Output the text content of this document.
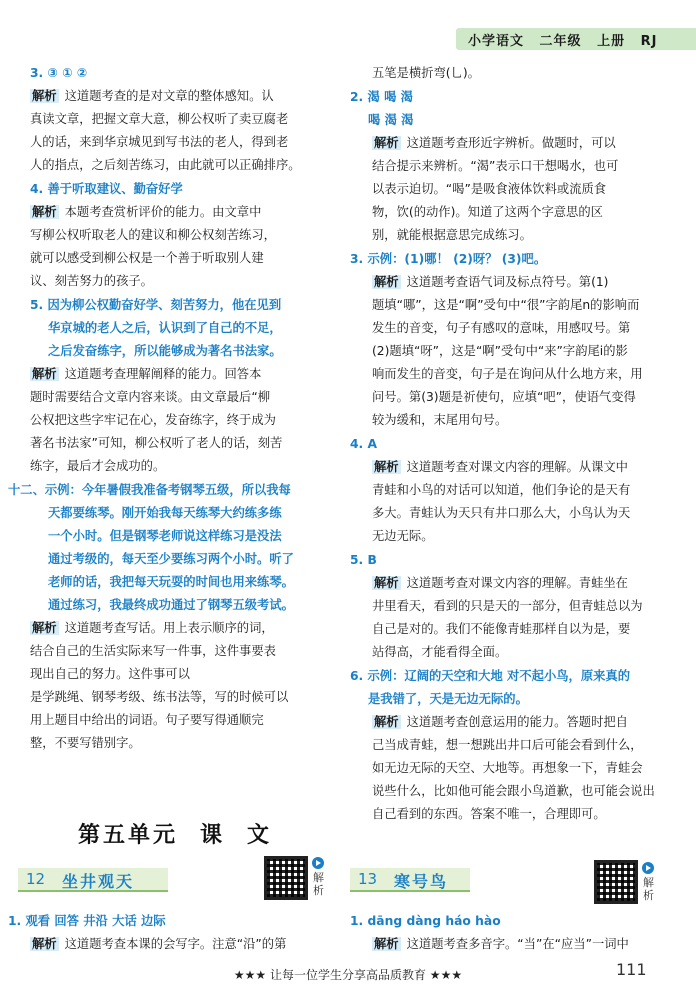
小学语文 二年级 上册 RJ
3. ③ ① ②
解析 这道题考查的是对文章的整体感知。认
真读文章，把握文章大意，柳公权听了卖豆腐老
人的话，来到华京城见到写书法的老人，得到老
人的指点，之后刻苦练习，由此就可以正确排序。
4. 善于听取建议、勤奋好学
解析 本题考查赏析评价的能力。由文章中
写柳公权听取老人的建议和柳公权刻苦练习，
就可以感受到柳公权是一个善于听取别人建
议、刻苦努力的孩子。
5. 因为柳公权勤奋好学、刻苦努力，他在见到
华京城的老人之后，认识到了自己的不足，
之后发奋练字，所以能够成为著名书法家。
解析 这道题考查理解阐释的能力。回答本
题时需要结合文章内容来谈。由文章最后“柳
公权把这些字牢记在心，发奋练字，终于成为
著名书法家”可知，柳公权听了老人的话，刻苦
练字，最后才会成功的。
十二、示例：今年暑假我准备考钢琴五级，所以我每
天都要练琴。刚开始我每天练琴大约练多练
一个小时。但是钢琴老师说这样练习是没法
通过考级的，每天至少要练习两个小时。听了
老师的话，我把每天玩耍的时间也用来练琴。
通过练习，我最终成功通过了钢琴五级考试。
解析 这道题考查写话。用上表示顺序的词，
结合自己的生活实际来写一件事，这件事要表
现出自己的努力。这件事可以
是学跳绳、钢琴考级、练书法等，写的时候可以
用上题目中给出的词语。句子要写得通顺完
整，不要写错别字。
第五单元 课 文
12 坐井观天	解析
1. 观看 回答 井沿 大话 边际
解析 这道题考查本课的会写字。注意“沿”的第
五笔是横折弯(乚)。
2. 渴 喝 渴
喝 渴 渴
解析 这道题考查形近字辨析。做题时，可以
结合提示来辨析。“渴”表示口干想喝水，也可
以表示迫切。“喝”是吸食液体饮料或流质食
物，饮(的动作)。知道了这两个字意思的区
别，就能根据意思完成练习。
3. 示例：(1)哪！ (2)呀？ (3)吧。
解析 这道题考查语气词及标点符号。第(1)
题填“哪”，这是“啊”受句中“很”字韵尾n的影响而
发生的音变，句子有感叹的意味，用感叹号。第
(2)题填“呀”，这是“啊”受句中“来”字韵尾i的影
响而发生的音变，句子是在询问从什么地方来，用
问号。第(3)题是祈使句，应填“吧”，使语气变得
较为缓和，末尾用句号。
4. A
解析 这道题考查对课文内容的理解。从课文中
青蛙和小鸟的对话可以知道，他们争论的是天有
多大。青蛙认为天只有井口那么大，小鸟认为天
无边无际。
5. B
解析 这道题考查对课文内容的理解。青蛙坐在
井里看天，看到的只是天的一部分，但青蛙总以为
自己是对的。我们不能像青蛙那样自以为是，要
站得高，才能看得全面。
6. 示例：辽阔的天空和大地 对不起小鸟，原来真的
是我错了，天是无边无际的。
解析 这道题考查创意运用的能力。答题时把自
己当成青蛙，想一想跳出井口后可能会看到什么，
如无边无际的天空、大地等。再想象一下，青蛙会
说些什么，比如他可能会跟小鸟道歉，也可能会说出
自己看到的东西。答案不唯一，合理即可。
13 寒号鸟	解析
1. dāng dàng háo hào
解析 这道题考查多音字。“当”在“应当”一词中
★★★ 让每一位学生分享高品质教育 ★★★	111
